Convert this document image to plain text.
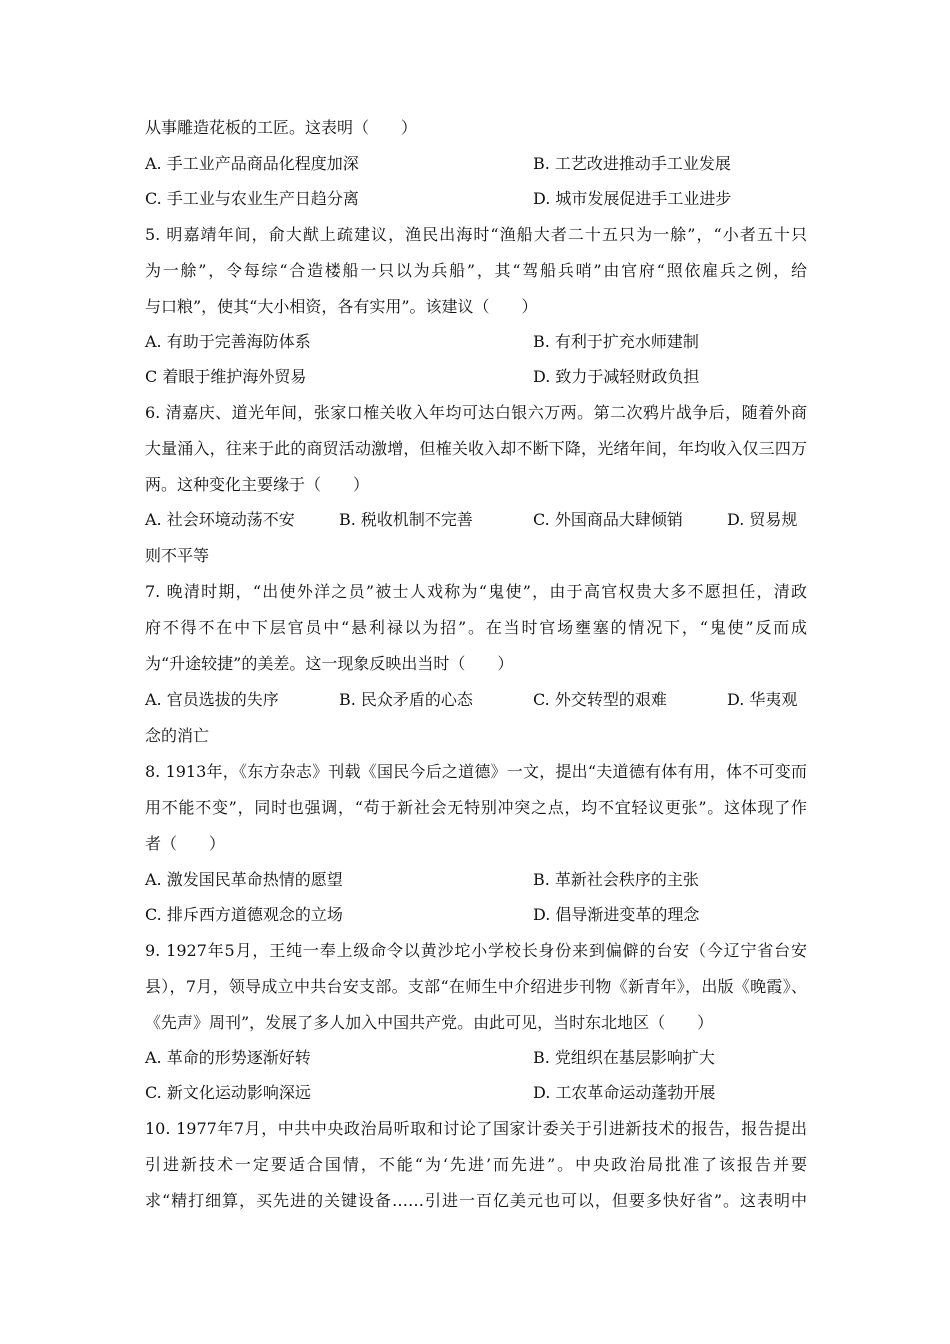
从事雕造花板的工匠。这表明（　　）
A. 手工业产品商品化程度加深	B. 工艺改进推动手工业发展
C. 手工业与农业生产日趋分离	D. 城市发展促进手工业进步
5. 明嘉靖年间，俞大猷上疏建议，渔民出海时“渔船大者二十五只为一艅”，“小者五十只
为一艅”，令每综“合造楼船一只以为兵船”，其“驾船兵哨”由官府“照依雇兵之例，给
与口粮”，使其“大小相资，各有实用”。该建议（　　）
A. 有助于完善海防体系	B. 有利于扩充水师建制
C 着眼于维护海外贸易	D. 致力于减轻财政负担
6. 清嘉庆、道光年间，张家口榷关收入年均可达白银六万两。第二次鸦片战争后，随着外商
大量涌入，往来于此的商贸活动激增，但榷关收入却不断下降，光绪年间，年均收入仅三四万
两。这种变化主要缘于（　　）
A. 社会环境动荡不安	B. 税收机制不完善	C. 外国商品大肆倾销	D. 贸易规
则不平等
7. 晚清时期，“出使外洋之员”被士人戏称为“鬼使”，由于高官权贵大多不愿担任，清政
府不得不在中下层官员中“悬利禄以为招”。在当时官场壅塞的情况下，“鬼使”反而成
为“升途较捷”的美差。这一现象反映出当时（　　）
A. 官员选拔的失序	B. 民众矛盾的心态	C. 外交转型的艰难	D. 华夷观
念的消亡
8. 1913年，《东方杂志》刊载《国民今后之道德》一文，提出“夫道德有体有用，体不可变而
用不能不变”，同时也强调，“苟于新社会无特别冲突之点，均不宜轻议更张”。这体现了作
者（　　）
A. 激发国民革命热情的愿望	B. 革新社会秩序的主张
C. 排斥西方道德观念的立场	D. 倡导渐进变革的理念
9. 1927年5月，王纯一奉上级命令以黄沙坨小学校长身份来到偏僻的台安（今辽宁省台安
县），7月，领导成立中共台安支部。支部“在师生中介绍进步刊物《新青年》，出版《晚霞》、
《先声》周刊”，发展了多人加入中国共产党。由此可见，当时东北地区（　　）
A. 革命的形势逐渐好转	B. 党组织在基层影响扩大
C. 新文化运动影响深远	D. 工农革命运动蓬勃开展
10. 1977年7月，中共中央政治局听取和讨论了国家计委关于引进新技术的报告，报告提出
引进新技术一定要适合国情，不能“为‘先进’而先进”。中央政治局批准了该报告并要
求“精打细算，买先进的关键设备……引进一百亿美元也可以，但要多快好省”。这表明中
